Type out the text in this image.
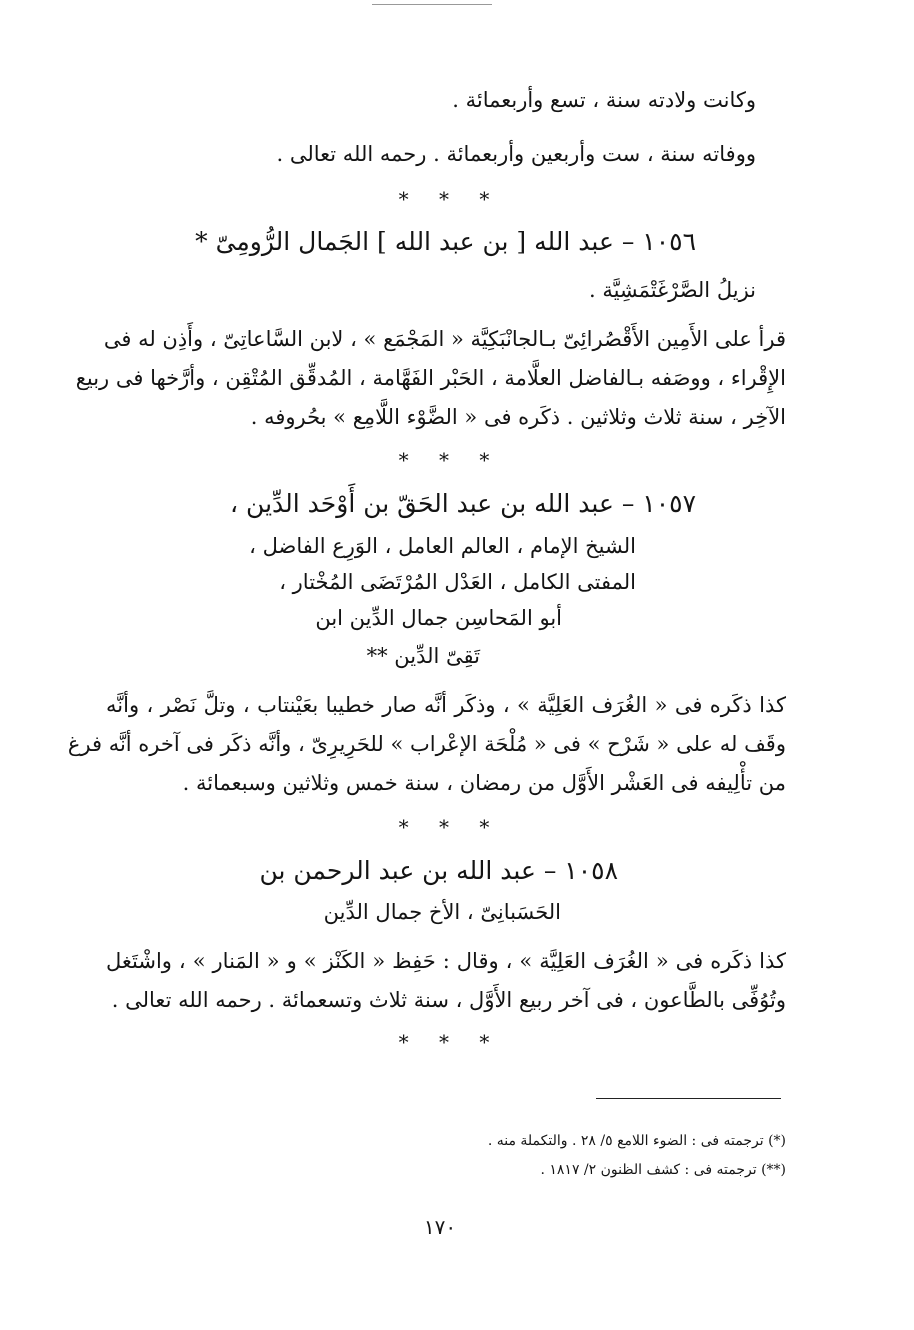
وكانت ولادته سنة ، تسع وأربعمائة .
ووفاته سنة ، ست وأربعين وأربعمائة . رحمه الله تعالى .
* * *
١٠٥٦ – عبد الله [ بن عبد الله ] الجَمال الرُّومِىّ *
نزيلُ الصَّرْغَتْمَشِيَّة .
قرأ على الأَمِين الأَقْصُرائِىّ بـالجانْبَكِيَّة « المَجْمَع » ، لابن السَّاعاتِىّ ، وأَذِن له فى
الإِقْراء ، ووصَفه بـالفاضل العلَّامة ، الحَبْر الفَهَّامة ، المُدقِّق المُتْقِن ، وأرَّخها فى ربيع
الآخِر ، سنة ثلاث وثلاثين . ذكَره فى « الضَّوْء اللَّامِع » بحُروفه .
* * *
١٠٥٧ – عبد الله بن عبد الحَقّ بن أَوْحَد الدِّين ،
الشيخ الإمام ، العالم العامل ، الوَرِع الفاضل ،
المفتى الكامل ، العَدْل المُرْتَضَى المُخْتار ،
أبو المَحاسِن جمال الدِّين ابن
تَقِىّ الدِّين **
كذا ذكَره فى « الغُرَف العَلِيَّة » ، وذكَر أنَّه صار خطيبا بعَيْنتاب ، وتلَّ نَصْر ، وأنَّه
وقَف له على « شَرْح » فى « مُلْحَة الإعْراب » للحَرِيرِىّ ، وأنَّه ذكَر فى آخره أنَّه فرغ
من تأْلِيفه فى العَشْر الأَوَّل من رمضان ، سنة خمس وثلاثين وسبعمائة .
* * *
١٠٥٨ – عبد الله بن عبد الرحمن بن
الحَسَبانِىّ ، الأخ جمال الدِّين
كذا ذكَره فى « الغُرَف العَلِيَّة » ، وقال : حَفِظ « الكَنْز » و « المَنار » ، واشْتَغل
وتُوُفِّى بالطَّاعون ، فى آخر ربيع الأَوَّل ، سنة ثلاث وتسعمائة . رحمه الله تعالى .
* * *
(*) ترجمته فى : الضوء اللامع ٥/ ٢٨ . والتكملة منه .
(**) ترجمته فى : كشف الظنون ٢/ ١٨١٧ .
١٧٠
